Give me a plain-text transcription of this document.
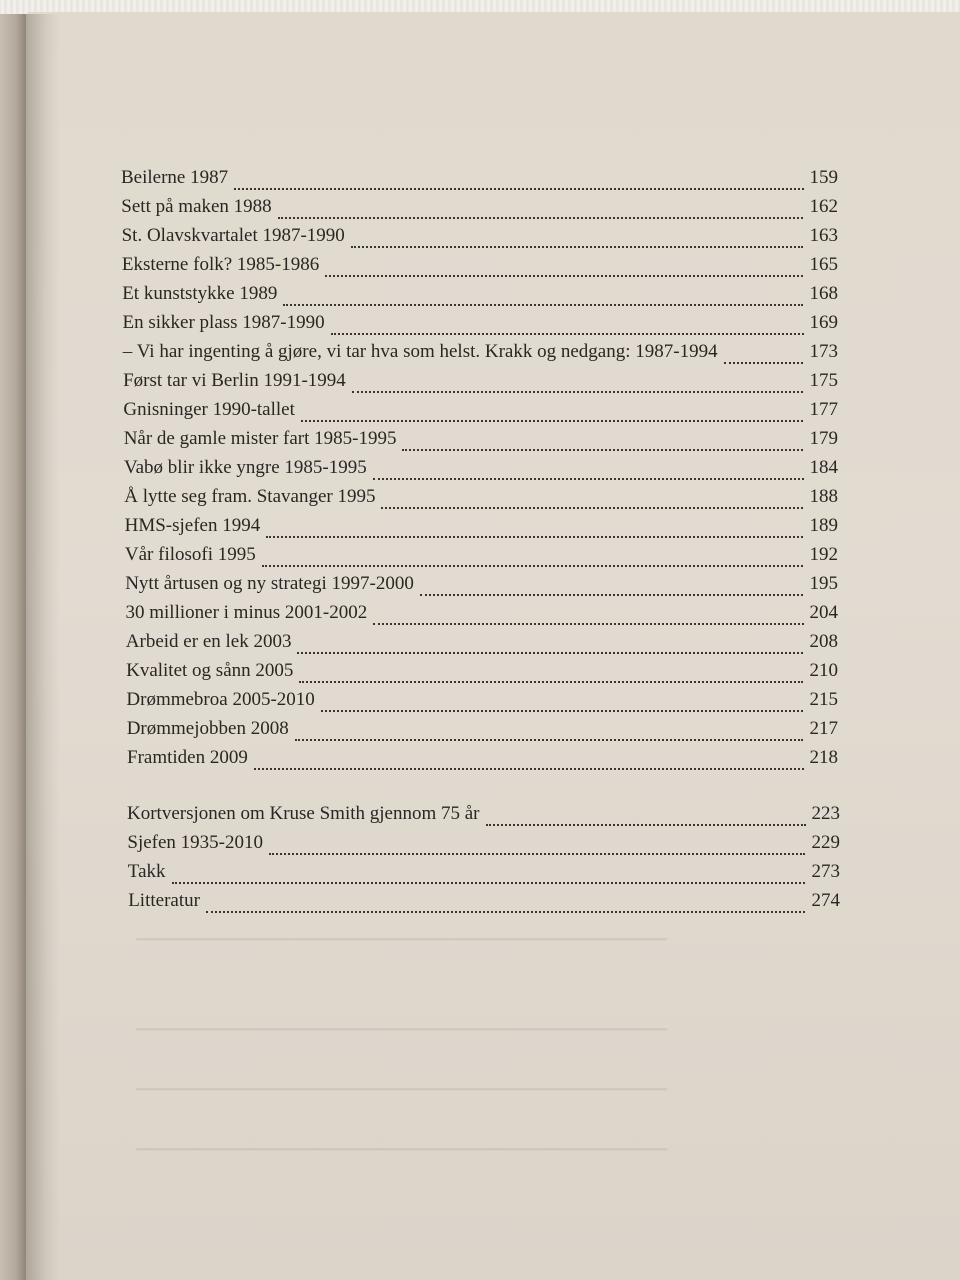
━━━━━━━━━━━━━━━━━━━━━━━━━━━━━━━━━━━━━━━━━━━━━━━━━━━━━━━━━━━━━━━
━━━━━━━━━━━━━━━━━━━━━━━━━━━━━━━━━━━━━━━━━━━━━━━━━━━━━━━━━━━━━━━
━━━━━━━━━━━━━━━━━━━━━━━━━━━━━━━━━━━━━━━━━━━━━━━━━━━━━━━━━━━━━━━
━━━━━━━━━━━━━━━━━━━━━━━━━━━━━━━━━━━━━━━━━━━━━━━━━━━━━━━━━━━━━━━
Beilerne 1987	159
Sett på maken 1988	162
St. Olavskvartalet 1987-1990	163
Eksterne folk? 1985-1986	165
Et kunststykke 1989	168
En sikker plass 1987-1990	169
– Vi har ingenting å gjøre, vi tar hva som helst. Krakk og nedgang: 1987-1994	173
Først tar vi Berlin 1991-1994	175
Gnisninger 1990-tallet	177
Når de gamle mister fart 1985-1995	179
Vabø blir ikke yngre 1985-1995	184
Å lytte seg fram. Stavanger 1995	188
HMS-sjefen 1994	189
Vår filosofi 1995	192
Nytt årtusen og ny strategi 1997-2000	195
30 millioner i minus 2001-2002	204
Arbeid er en lek 2003	208
Kvalitet og sånn 2005	210
Drømmebroa 2005-2010	215
Drømmejobben 2008	217
Framtiden 2009	218
Kortversjonen om Kruse Smith gjennom 75 år	223
Sjefen 1935-2010	229
Takk	273
Litteratur	274
